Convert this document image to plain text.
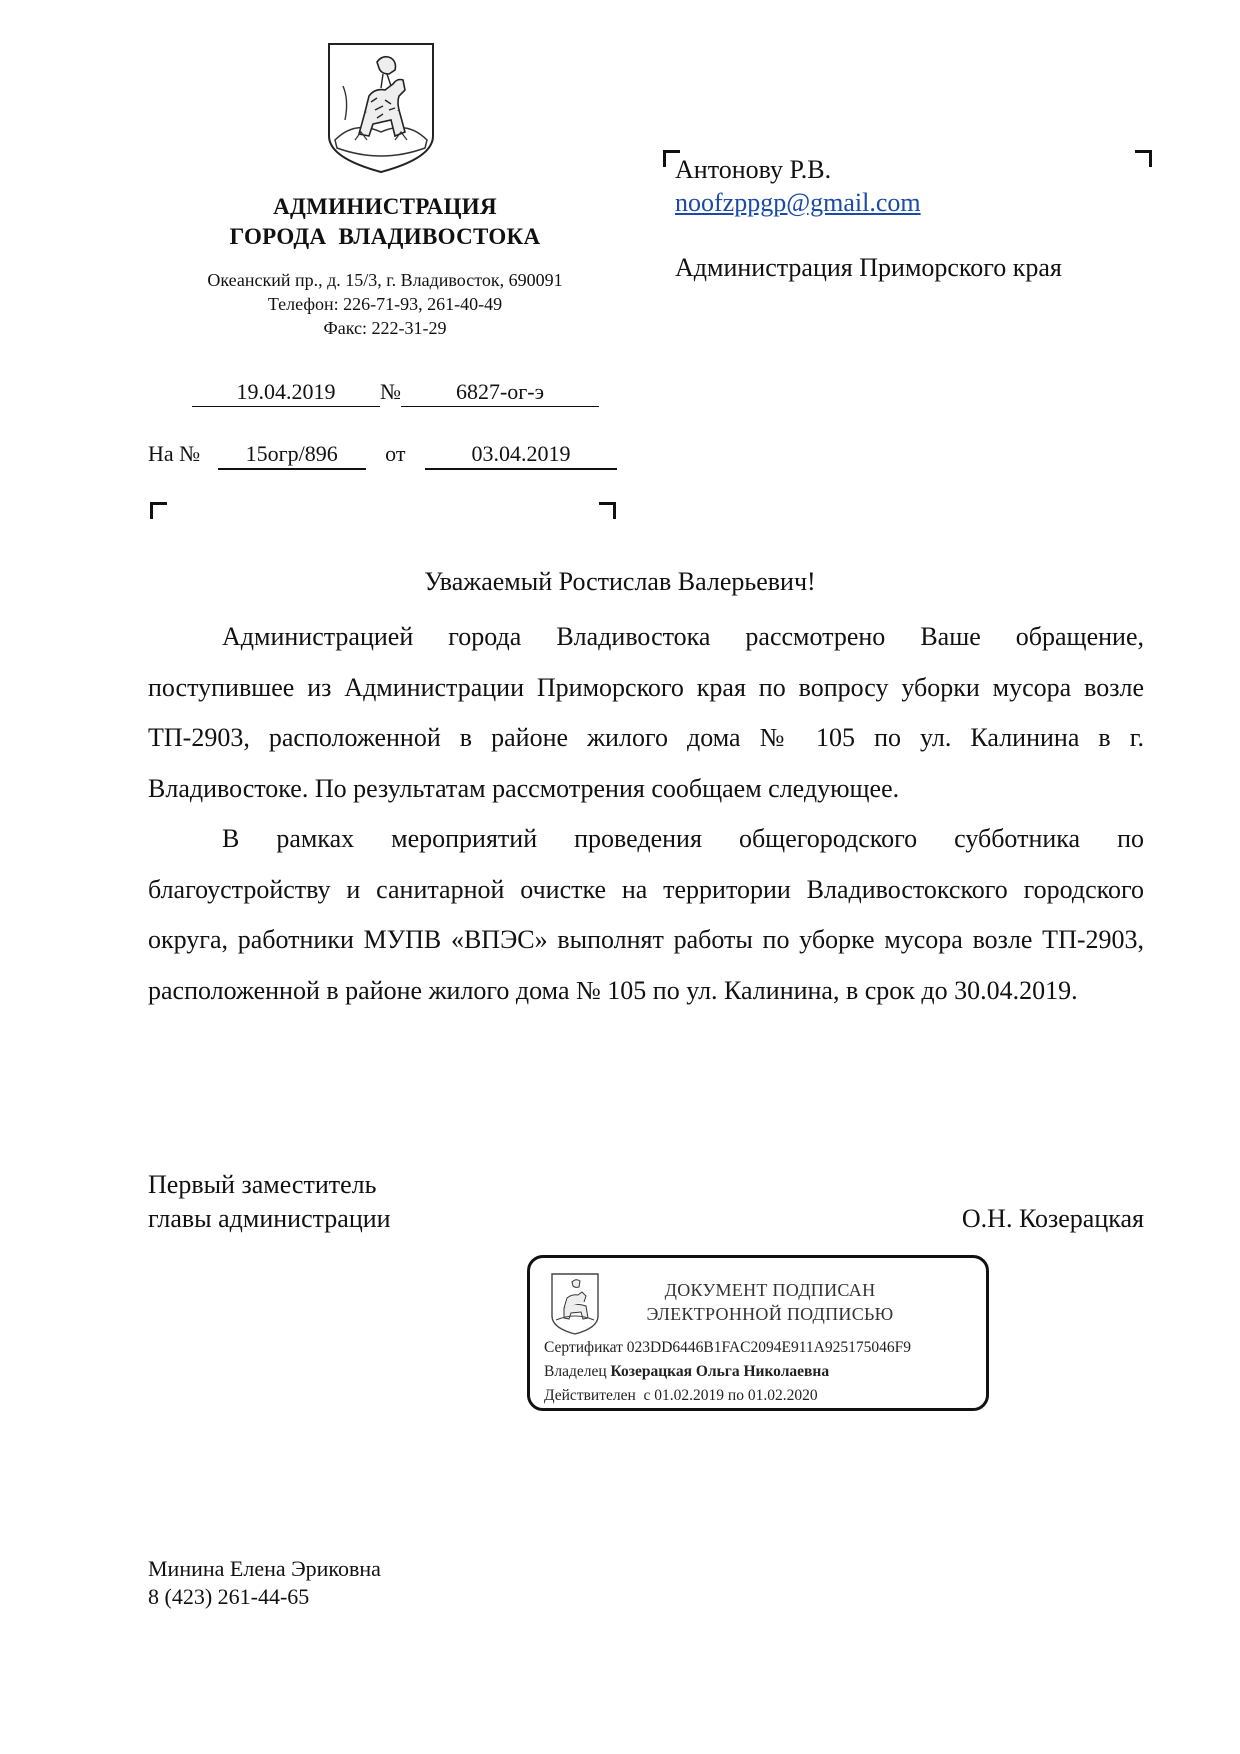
АДМИНИСТРАЦИЯ
ГОРОДА  ВЛАДИВОСТОКА
Океанский пр., д. 15/3, г. Владивосток, 690091
Телефон: 226-71-93, 261-40-49
Факс: 222-31-29
19.04.2019 № 6827-ог-э
На № 15огр/896 от	03.04.2019
Антонову Р.В.
noofzppgp@gmail.com
Администрация Приморского края
Уважаемый Ростислав Валерьевич!

Администрацией города Владивостока рассмотрено Ваше обращение, поступившее из Администрации Приморского края по вопросу уборки мусора возле ТП-2903, расположенной в районе жилого дома № 105 по ул. Калинина в г. Владивостоке. По результатам рассмотрения сообщаем следующее.

В рамках мероприятий проведения общегородского субботника по благоустройству и санитарной очистке на территории Владивостокского городского округа, работники МУПВ «ВПЭС» выполнят работы по уборке мусора возле ТП-2903, расположенной в районе жилого дома № 105 по ул. Калинина, в срок до 30.04.2019.

Первый заместитель
главы администрации	О.Н. Козерацкая
ДОКУМЕНТ ПОДПИСАН
ЭЛЕКТРОННОЙ ПОДПИСЬЮ
Сертификат 023DD6446B1FAC2094E911A925175046F9
Владелец Козерацкая Ольга Николаевна
Действителен  с 01.02.2019 по 01.02.2020
Минина Елена Эриковна
8 (423) 261-44-65
